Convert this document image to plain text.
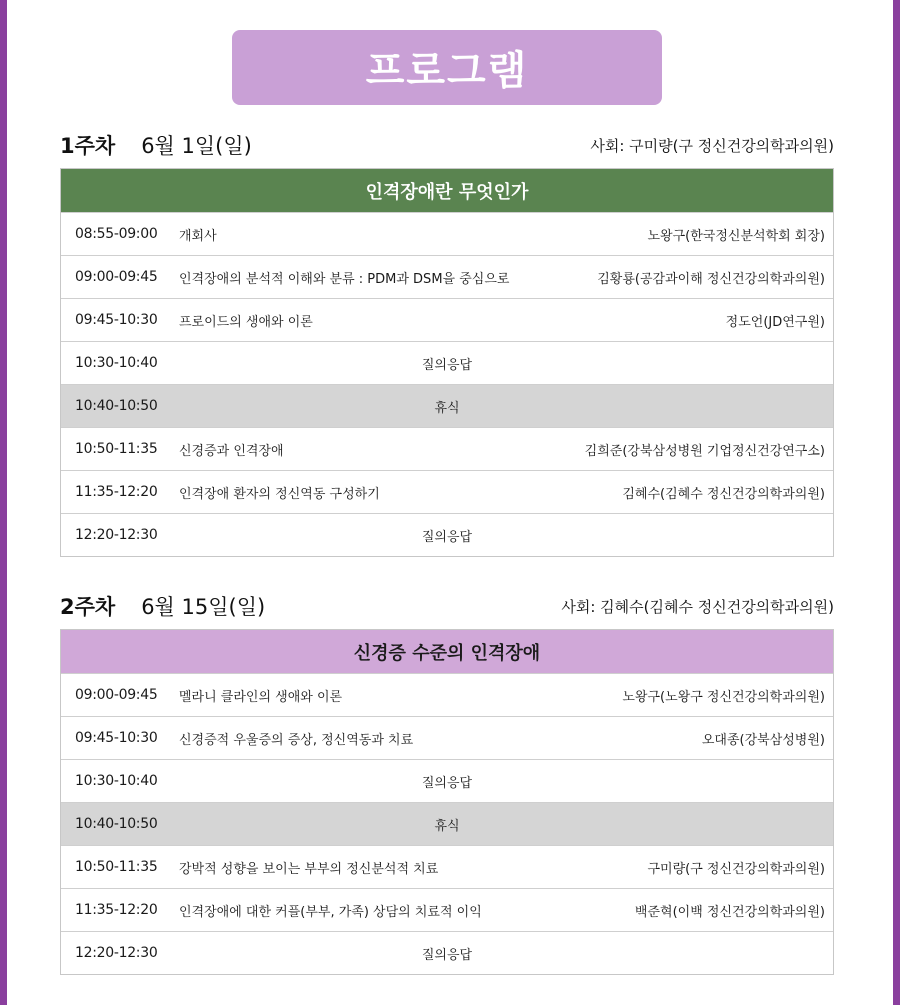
프로그램
1주차 6월 1일(일)	사회: 구미량(구 정신건강의학과의원)
인격장애란 무엇인가
08:55-09:00	개회사	노왕구(한국정신분석학회 회장)
09:00-09:45	인격장애의 분석적 이해와 분류 : PDM과 DSM을 중심으로	김황룡(공감과이해 정신건강의학과의원)
09:45-10:30	프로이드의 생애와 이론	정도언(JD연구원)
10:30-10:40	질의응답
10:40-10:50	휴식
10:50-11:35	신경증과 인격장애	김희준(강북삼성병원 기업정신건강연구소)
11:35-12:20	인격장애 환자의 정신역동 구성하기	김혜수(김혜수 정신건강의학과의원)
12:20-12:30	질의응답
2주차 6월 15일(일)	사회: 김혜수(김혜수 정신건강의학과의원)
신경증 수준의 인격장애
09:00-09:45	멜라니 클라인의 생애와 이론	노왕구(노왕구 정신건강의학과의원)
09:45-10:30	신경증적 우울증의 증상, 정신역동과 치료	오대종(강북삼성병원)
10:30-10:40	질의응답
10:40-10:50	휴식
10:50-11:35	강박적 성향을 보이는 부부의 정신분석적 치료	구미량(구 정신건강의학과의원)
11:35-12:20	인격장애에 대한 커플(부부, 가족) 상담의 치료적 이익	백준혁(이백 정신건강의학과의원)
12:20-12:30	질의응답
